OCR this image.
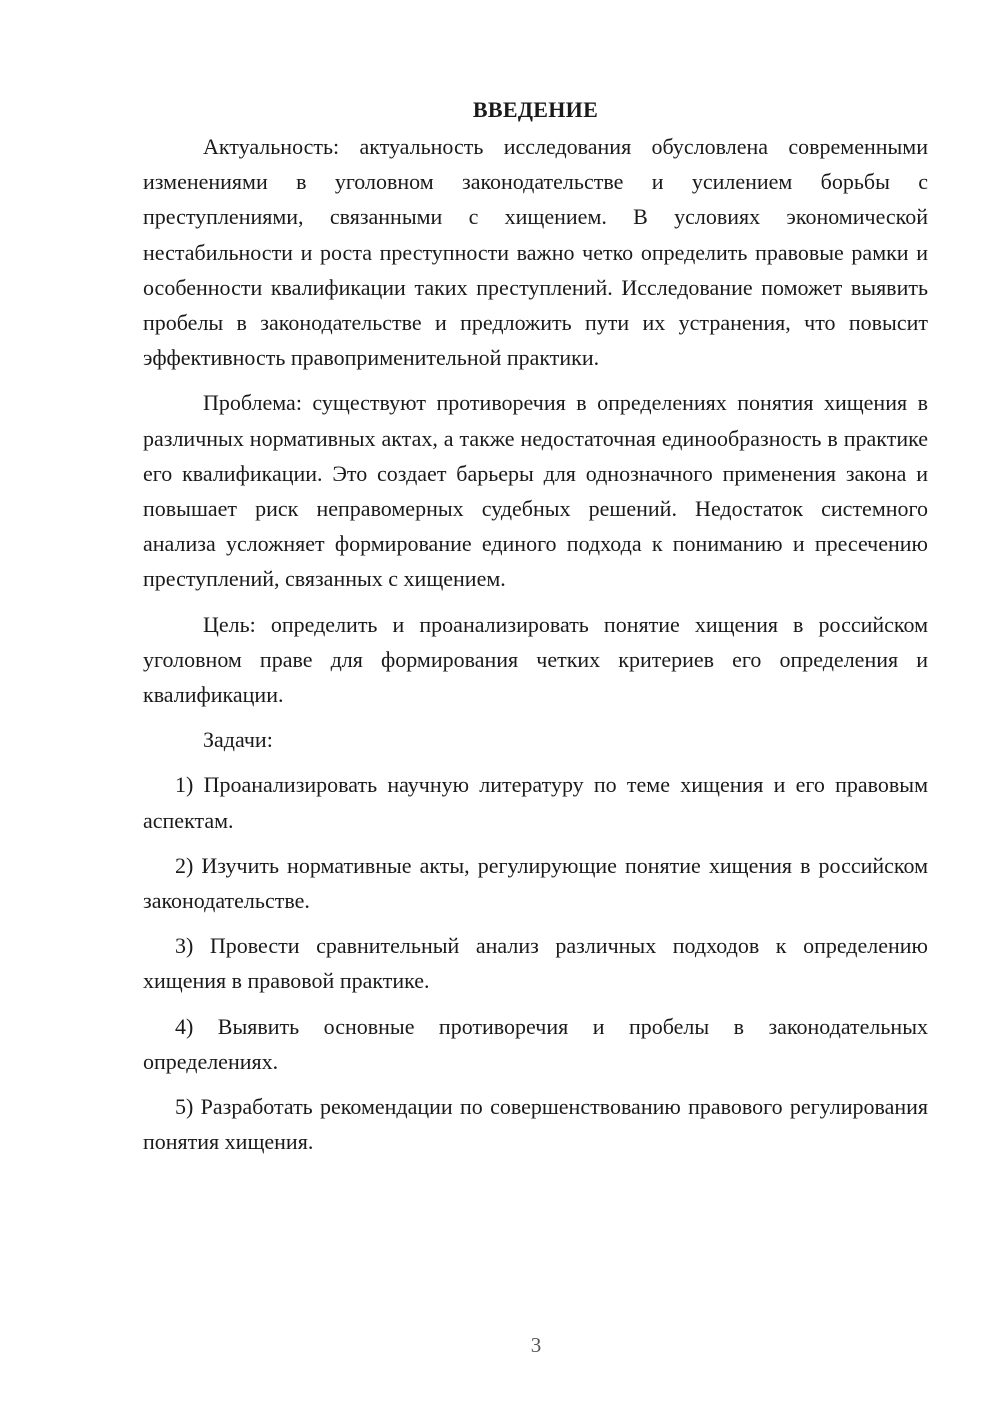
ВВЕДЕНИЕ

Актуальность: актуальность исследования обусловлена современными изменениями в уголовном законодательстве и усилением борьбы с преступлениями, связанными с хищением. В условиях экономической нестабильности и роста преступности важно четко определить правовые рамки и особенности квалификации таких преступлений. Исследование поможет выявить пробелы в законодательстве и предложить пути их устранения, что повысит эффективность правоприменительной практики.

Проблема: существуют противоречия в определениях понятия хищения в различных нормативных актах, а также недостаточная единообразность в практике его квалификации. Это создает барьеры для однозначного применения закона и повышает риск неправомерных судебных решений. Недостаток системного анализа усложняет формирование единого подхода к пониманию и пресечению преступлений, связанных с хищением.

Цель: определить и проанализировать понятие хищения в российском уголовном праве для формирования четких критериев его определения и квалификации.

Задачи:

1) Проанализировать научную литературу по теме хищения и его правовым аспектам.

2) Изучить нормативные акты, регулирующие понятие хищения в российском законодательстве.

3) Провести сравнительный анализ различных подходов к определению хищения в правовой практике.

4) Выявить основные противоречия и пробелы в законодательных определениях.

5) Разработать рекомендации по совершенствованию правового регулирования понятия хищения.

3
